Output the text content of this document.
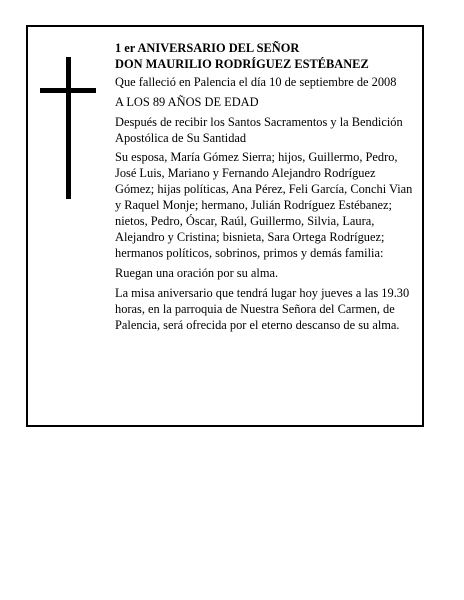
1 er ANIVERSARIO DEL SEÑOR

DON MAURILIO RODRÍGUEZ ESTÉBANEZ

Que falleció en Palencia el día 10 de septiembre de 2008

A LOS 89 AÑOS DE EDAD

Después de recibir los Santos Sacramentos y la Bendición Apostólica de Su Santidad

Su esposa, María Gómez Sierra; hijos, Guillermo, Pedro, José Luis, Mariano y Fernando Alejandro Rodríguez Gómez; hijas políticas, Ana Pérez, Feli García, Conchi Vian y Raquel Monje; hermano, Julián Rodríguez Estébanez; nietos, Pedro, Óscar, Raúl, Guillermo, Silvia, Laura, Alejandro y Cristina; bisnieta, Sara Ortega Rodríguez; hermanos políticos, sobrinos, primos y demás familia:

Ruegan una oración por su alma.

La misa aniversario que tendrá lugar hoy jueves a las 19.30 horas, en la parroquia de Nuestra Señora del Carmen, de Palencia, será ofrecida por el eterno descanso de su alma.
